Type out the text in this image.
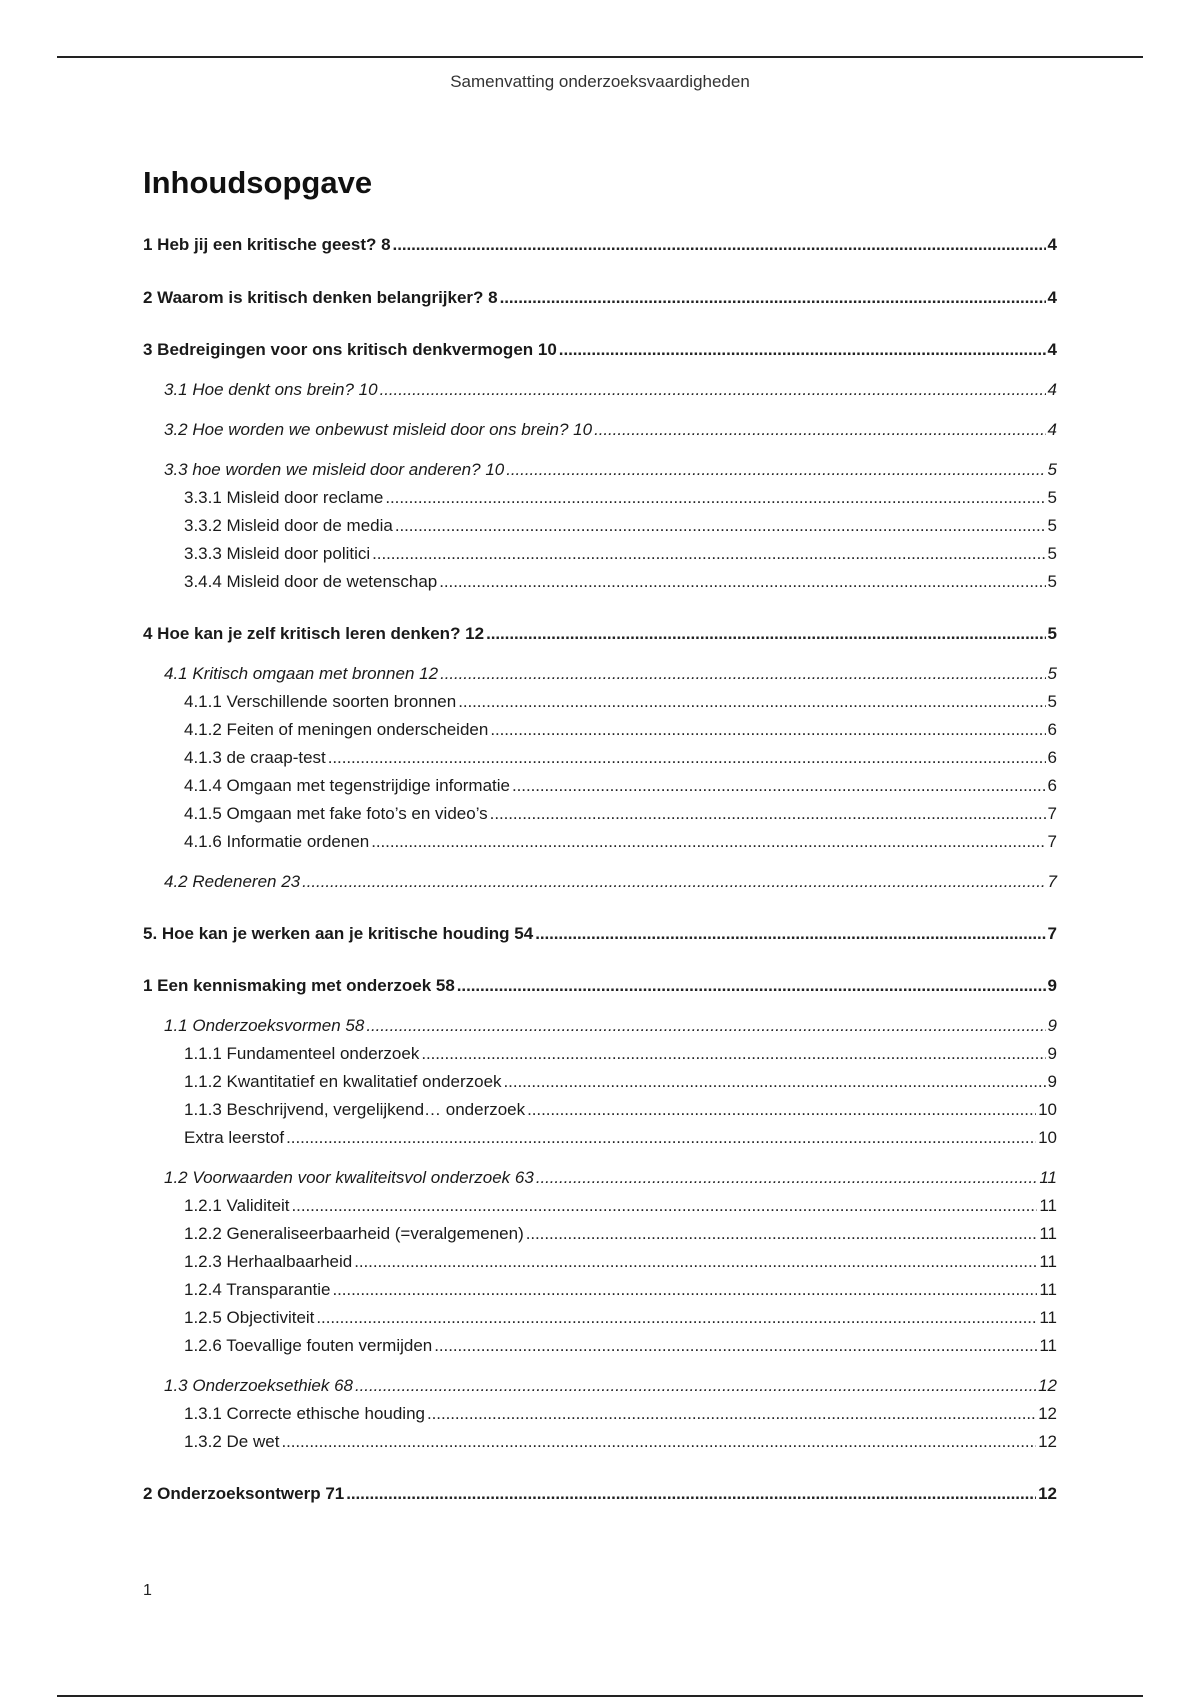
Samenvatting onderzoeksvaardigheden
Inhoudsopgave
1 Heb jij een kritische geest? 8 . . .	4
2 Waarom is kritisch denken belangrijker? 8 . . .	4
3 Bedreigingen voor ons kritisch denkvermogen 10 . . .	4
3.1 Hoe denkt ons brein? 10 . . .	4
3.2 Hoe worden we onbewust misleid door ons brein? 10 . . .	4
3.3 hoe worden we misleid door anderen? 10 . . .	5
3.3.1 Misleid door reclame . . .	5
3.3.2 Misleid door de media . . .	5
3.3.3 Misleid door politici . . .	5
3.4.4 Misleid door de wetenschap . . .	5
4 Hoe kan je zelf kritisch leren denken? 12 . . .	5
4.1 Kritisch omgaan met bronnen 12 . . .	5
4.1.1 Verschillende soorten bronnen . . .	5
4.1.2 Feiten of meningen onderscheiden . . .	6
4.1.3 de craap-test . . .	6
4.1.4 Omgaan met tegenstrijdige informatie . . .	6
4.1.5 Omgaan met fake foto’s en video’s . . .	7
4.1.6 Informatie ordenen . . .	7
4.2 Redeneren 23 . . .	7
5. Hoe kan je werken aan je kritische houding 54 . . .	7
1 Een kennismaking met onderzoek 58 . . .	9
1.1 Onderzoeksvormen 58 . . .	9
1.1.1 Fundamenteel onderzoek . . .	9
1.1.2 Kwantitatief en kwalitatief onderzoek . . .	9
1.1.3 Beschrijvend, vergelijkend… onderzoek . . .	10
Extra leerstof . . .	10
1.2 Voorwaarden voor kwaliteitsvol onderzoek 63 . . .	11
1.2.1 Validiteit . . .	11
1.2.2 Generaliseerbaarheid (=veralgemenen) . . .	11
1.2.3 Herhaalbaarheid . . .	11
1.2.4 Transparantie . . .	11
1.2.5 Objectiviteit . . .	11
1.2.6 Toevallige fouten vermijden . . .	11
1.3 Onderzoeksethiek 68 . . .	12
1.3.1 Correcte ethische houding . . .	12
1.3.2 De wet . . .	12
2 Onderzoeksontwerp 71 . . .	12
1
